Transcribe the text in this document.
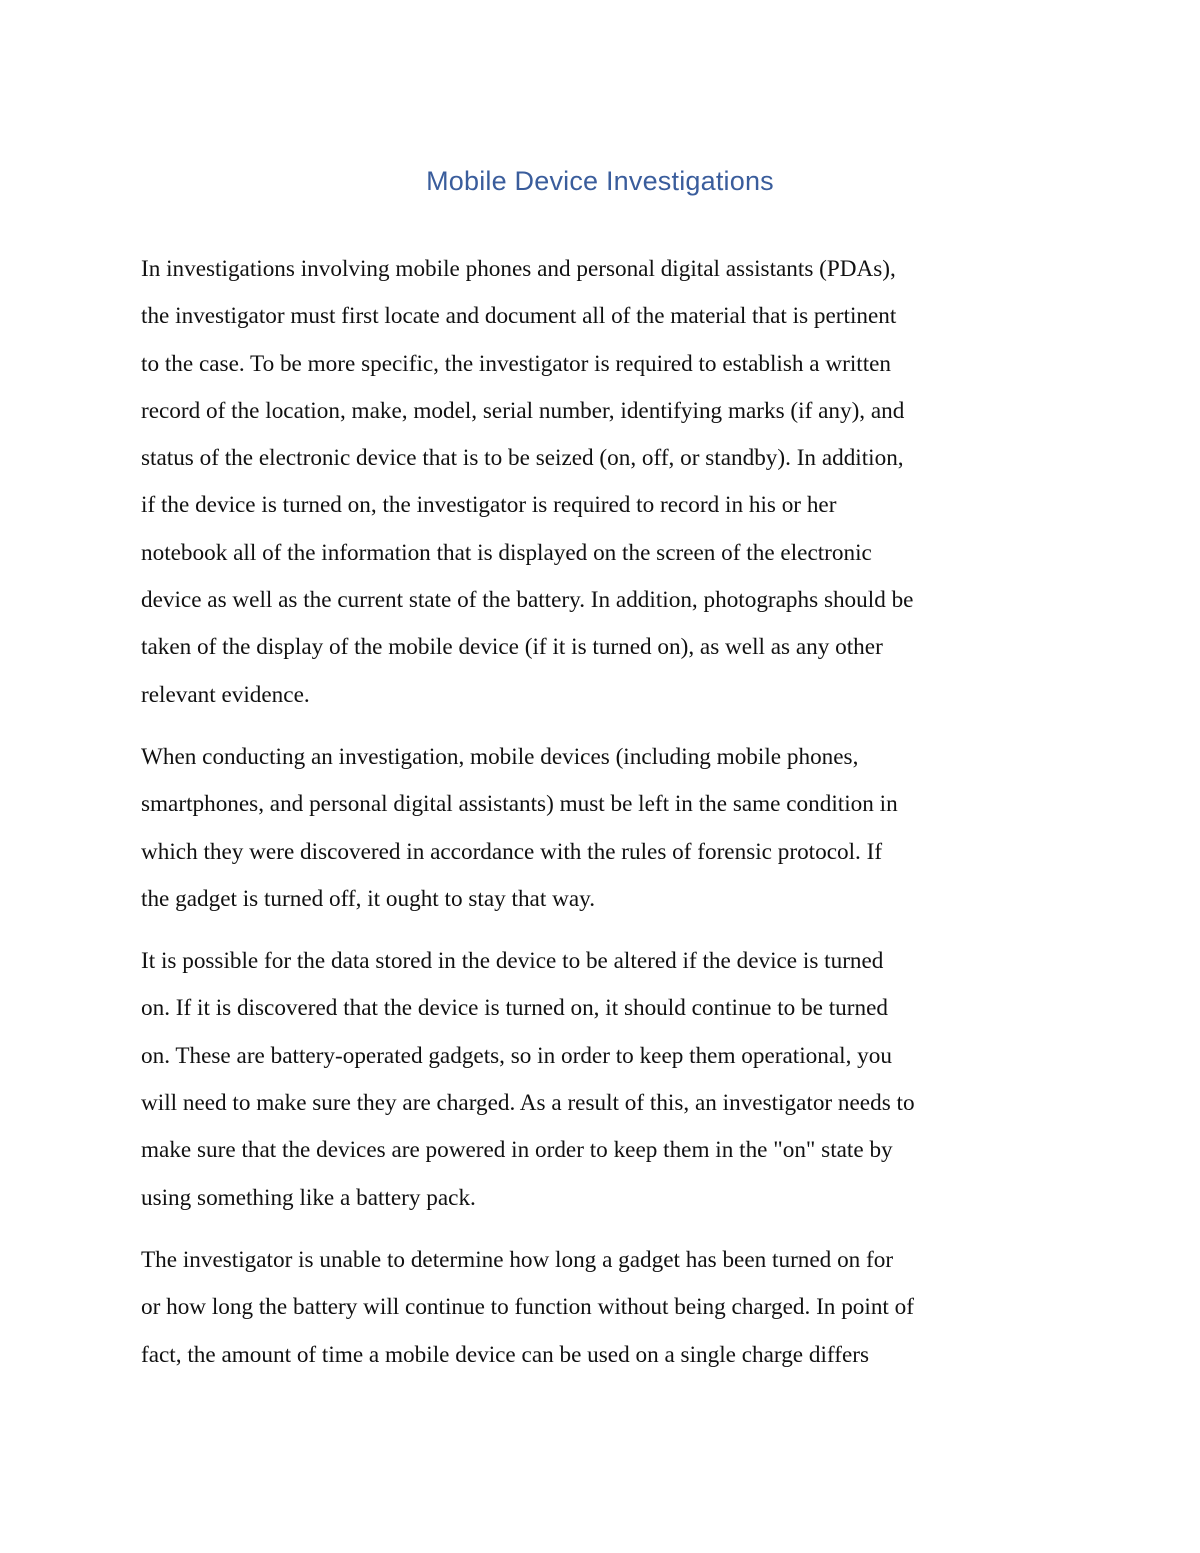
Mobile Device Investigations

In investigations involving mobile phones and personal digital assistants (PDAs),
the investigator must first locate and document all of the material that is pertinent
to the case. To be more specific, the investigator is required to establish a written
record of the location, make, model, serial number, identifying marks (if any), and
status of the electronic device that is to be seized (on, off, or standby). In addition,
if the device is turned on, the investigator is required to record in his or her
notebook all of the information that is displayed on the screen of the electronic
device as well as the current state of the battery. In addition, photographs should be
taken of the display of the mobile device (if it is turned on), as well as any other
relevant evidence.

When conducting an investigation, mobile devices (including mobile phones,
smartphones, and personal digital assistants) must be left in the same condition in
which they were discovered in accordance with the rules of forensic protocol. If
the gadget is turned off, it ought to stay that way.

It is possible for the data stored in the device to be altered if the device is turned
on. If it is discovered that the device is turned on, it should continue to be turned
on. These are battery-operated gadgets, so in order to keep them operational, you
will need to make sure they are charged. As a result of this, an investigator needs to
make sure that the devices are powered in order to keep them in the "on" state by
using something like a battery pack.

The investigator is unable to determine how long a gadget has been turned on for
or how long the battery will continue to function without being charged. In point of
fact, the amount of time a mobile device can be used on a single charge differs
